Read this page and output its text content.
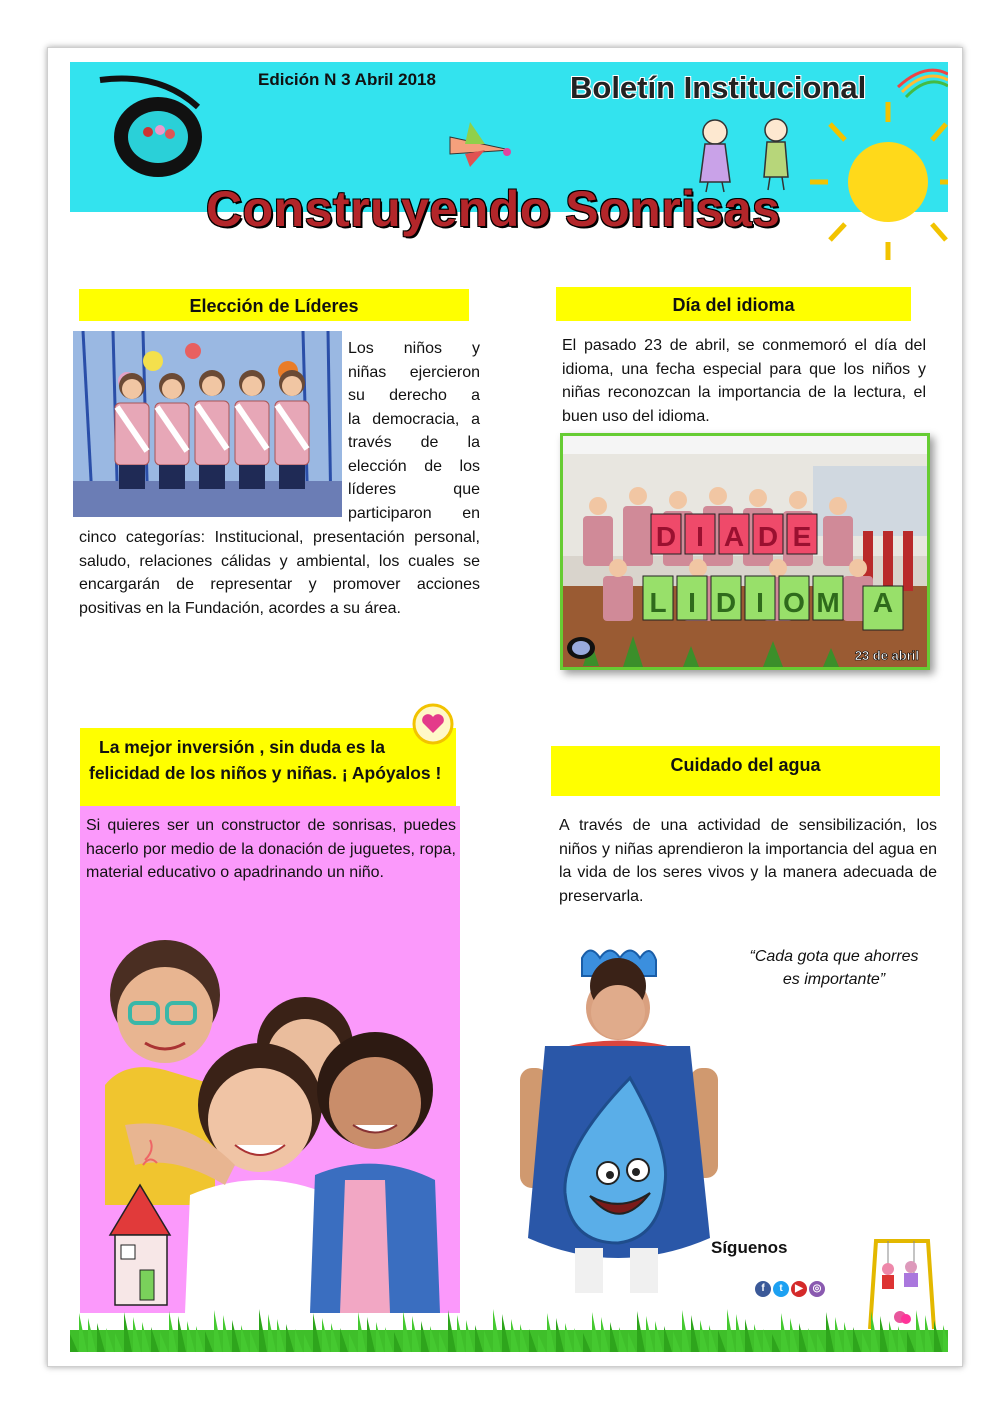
Edición N 3 Abril 2018	Boletín Institucional
Construyendo Sonrisas
Elección de Líderes
Los niños y
niñas ejercieron
su derecho a
la democracia, a
través de la
elección de los
líderes que
participaron en
cinco categorías: Institucional, presentación personal, saludo, relaciones cálidas y ambiental, los cuales se encargarán de representar y promover acciones positivas en la Fundación, acordes a su área.
Día del idioma
El pasado 23 de abril, se conmemoró el día del idioma, una fecha especial para que los niños y niñas reconozcan la importancia de la lectura, el buen uso del idioma.
D I A D E
L I D I O M A
23 de abril
La mejor inversión , sin duda es la
felicidad de los niños y niñas. ¡ Apóyalos !
Si quieres ser un constructor de sonrisas, puedes hacerlo por medio de la donación de juguetes, ropa, material educativo o apadrinando un niño.
Cuidado del agua
A través de una actividad de sensibilización, los niños y niñas aprendieron la importancia del agua en la vida de los seres vivos y la manera adecuada de preservarla.
“Cada gota que ahorres
es importante”
Síguenos
f	t	▶ ◎
